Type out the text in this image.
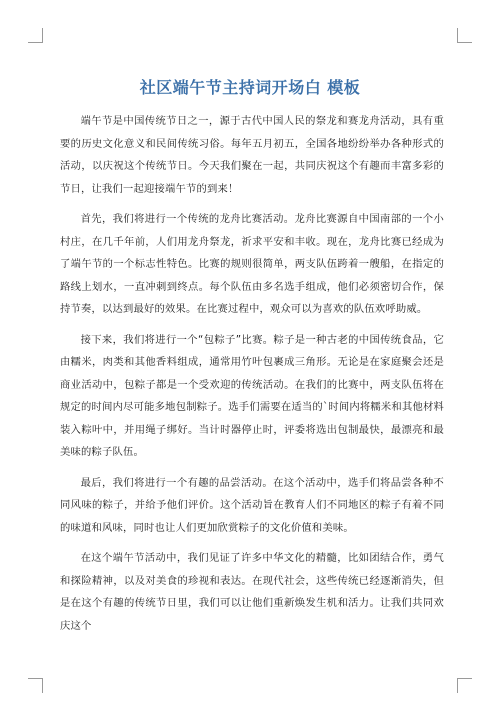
社区端午节主持词开场白 模板

端午节是中国传统节日之一，源于古代中国人民的祭龙和赛龙舟活动，具有重要的历史文化意义和民间传统习俗。每年五月初五，全国各地纷纷举办各种形式的活动，以庆祝这个传统节日。今天我们聚在一起，共同庆祝这个有趣而丰富多彩的节日，让我们一起迎接端午节的到来！

首先，我们将进行一个传统的龙舟比赛活动。龙舟比赛源自中国南部的一个小村庄，在几千年前，人们用龙舟祭龙，祈求平安和丰收。现在，龙舟比赛已经成为了端午节的一个标志性特色。比赛的规则很简单，两支队伍跨着一艘船，在指定的路线上划水，一直冲刺到终点。每个队伍由多名选手组成，他们必须密切合作，保持节奏，以达到最好的效果。在比赛过程中，观众可以为喜欢的队伍欢呼助威。

接下来，我们将进行一个“包粽子”比赛。粽子是一种古老的中国传统食品，它由糯米，肉类和其他香料组成，通常用竹叶包裹成三角形。无论是在家庭聚会还是商业活动中，包粽子都是一个受欢迎的传统活动。在我们的比赛中，两支队伍将在规定的时间内尽可能多地包制粽子。选手们需要在适当的`时间内将糯米和其他材料装入粽叶中，并用绳子绑好。当计时器停止时，评委将选出包制最快，最漂亮和最美味的粽子队伍。

最后，我们将进行一个有趣的品尝活动。在这个活动中，选手们将品尝各种不同风味的粽子，并给予他们评价。这个活动旨在教育人们不同地区的粽子有着不同的味道和风味，同时也让人们更加欣赏粽子的文化价值和美味。

在这个端午节活动中，我们见证了许多中华文化的精髓，比如团结合作，勇气和探险精神，以及对美食的珍视和表达。在现代社会，这些传统已经逐渐消失，但是在这个有趣的传统节日里，我们可以让他们重新焕发生机和活力。让我们共同欢庆这个
